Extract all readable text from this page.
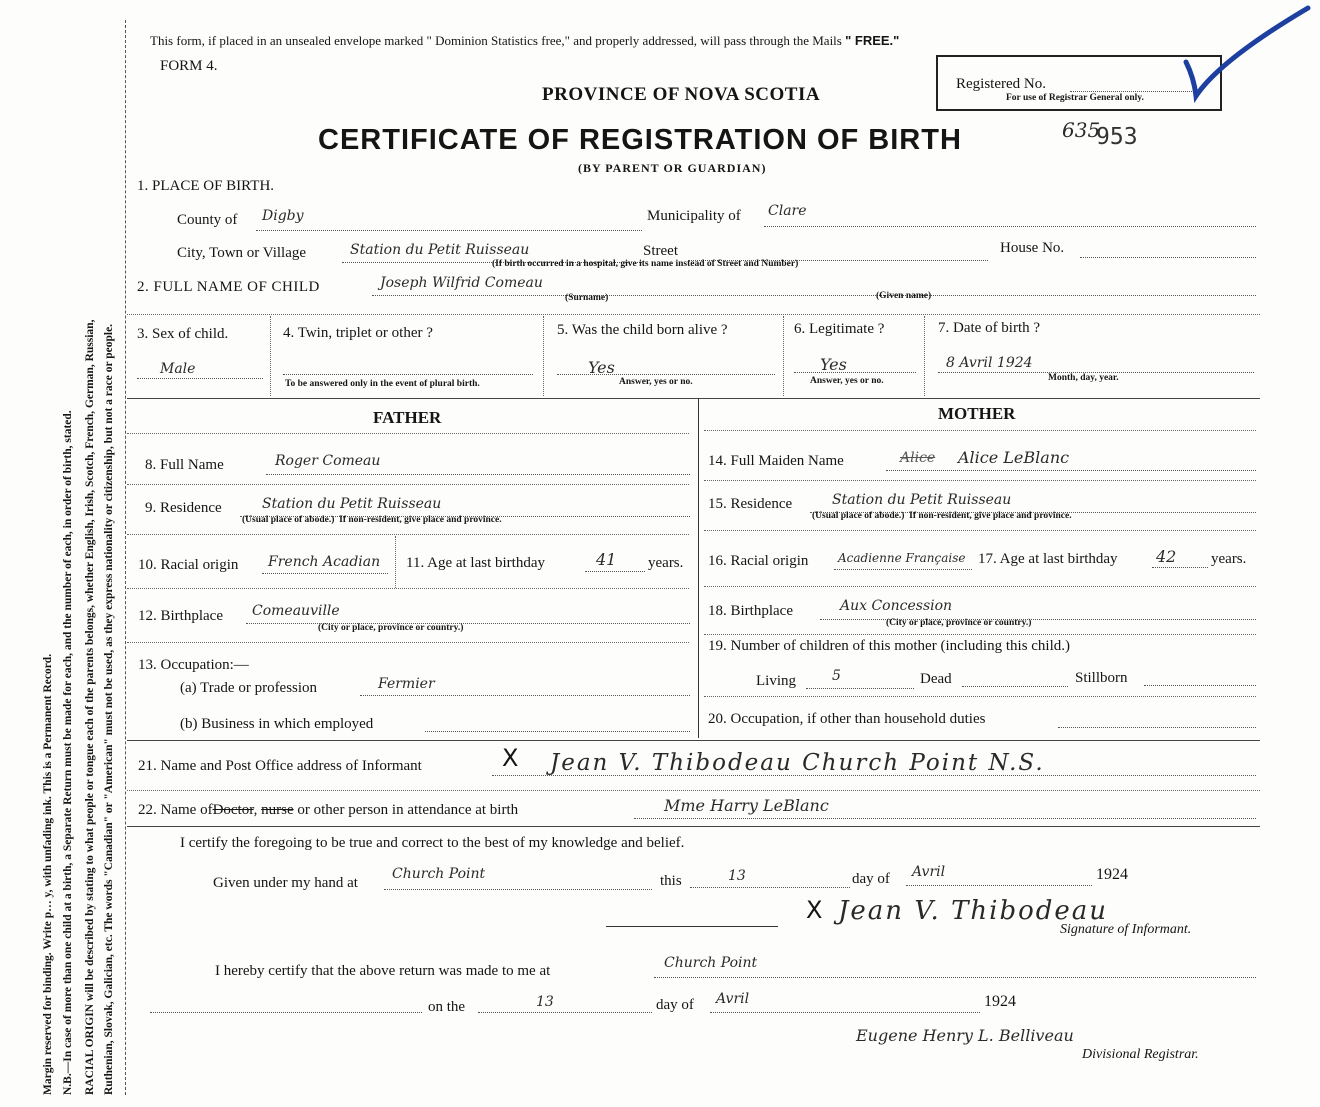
Margin reserved for binding. Write p… y, with unfading ink. This is a Permanent Record. N.B.—In case of more than one child at a birth, a Separate Return must be made for each, and the number of each, in order of birth, stated. RACIAL ORIGIN will be described by stating to what people or tongue each of the parents belongs, whether English, Irish, Scotch, French, German, Russian, Ruthenian, Slovak, Galician, etc. The words "Canadian" or "American" must not be used, as they express nationality or citizenship, but not a race or people.
This form, if placed in an unsealed envelope marked " Dominion Statistics free," and properly addressed, will pass through the Mails " FREE."
FORM 4.
Registered No.
For use of Registrar General only.
PROVINCE OF NOVA SCOTIA
CERTIFICATE OF REGISTRATION OF BIRTH	635
953
(BY PARENT OR GUARDIAN)
1. PLACE OF BIRTH.
County of Digby	Municipality of Clare
City, Town or Village	Station du Petit Ruisseau	Street	House No.
(If birth occurred in a hospital, give its name instead of Street and Number)
2. FULL NAME OF CHILD	Joseph Wilfrid Comeau
(Surname)	(Given name)
3. Sex of child.
Male
4. Twin, triplet or other ?
To be answered only in the event of plural birth.
5. Was the child born alive ?
Yes
Answer, yes or no.
6. Legitimate ?
Yes
Answer, yes or no.
7. Date of birth ?
8 Avril 1924
Month, day, year.
FATHER
8. Full Name	Roger Comeau
9. Residence	Station du Petit Ruisseau
(Usual place of abode.) If non-resident, give place and province.
10. Racial origin French Acadian 11. Age at last birthday	41 years.
12. Birthplace Comeauville
(City or place, province or country.)
13. Occupation:—
(a) Trade or profession	Fermier
(b) Business in which employed
MOTHER
14. Full Maiden Name	Alice Alice LeBlanc
15. Residence	Station du Petit Ruisseau
(Usual place of abode.) If non-resident, give place and province.
16. Racial origin Acadienne Française 17. Age at last birthday 42 years.
18. Birthplace	Aux Concession
(City or place, province or country.)
19. Number of children of this mother (including this child.)
Living	5	Dead	Stillborn
20. Occupation, if other than household duties
21. Name and Post Office address of Informant	X Jean V. Thibodeau Church Point N.S.
22. Name ofDoctor, nurse or other person in attendance at birth	Mme Harry LeBlanc
I certify the foregoing to be true and correct to the best of my knowledge and belief.
Given under my hand at
Church Point	this	13	day of Avril	1924
X Jean V. Thibodeau
Signature of Informant.
I hereby certify that the above return was made to me at	Church Point
on the	13	day of Avril	1924
Eugene Henry L. Belliveau
Divisional Registrar.
